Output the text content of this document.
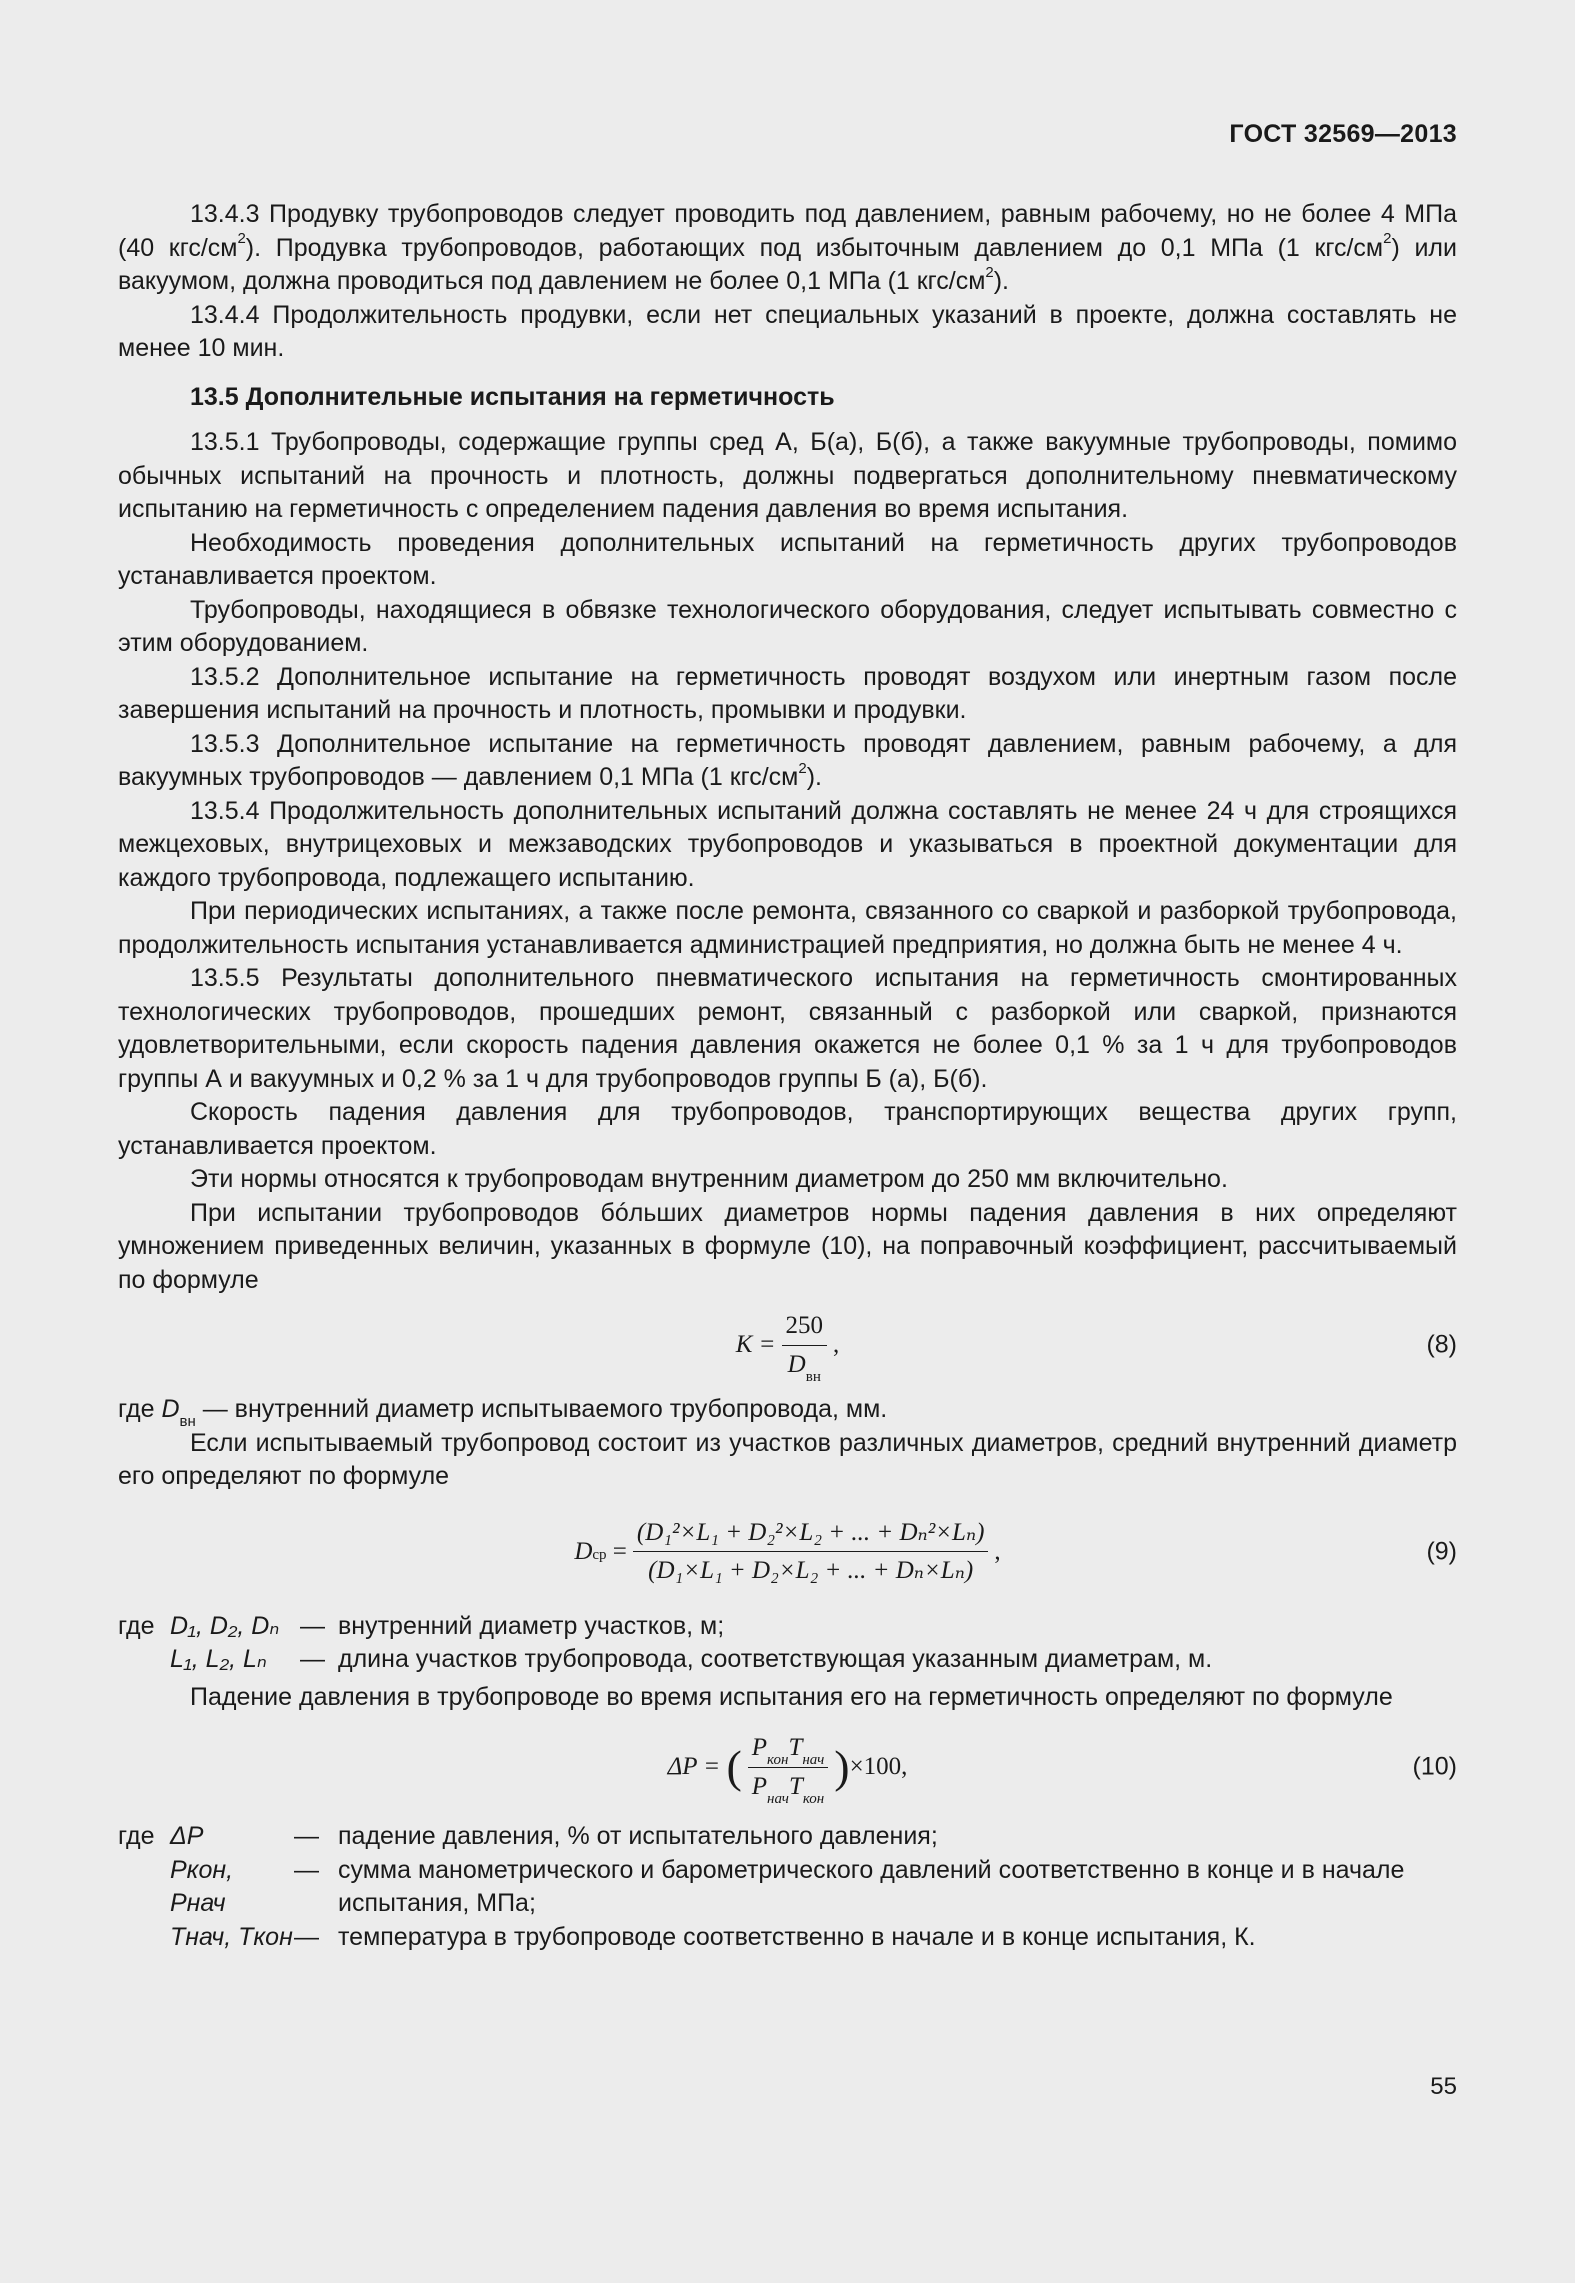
ГОСТ 32569—2013

13.4.3 Продувку трубопроводов следует проводить под давлением, равным рабочему, но не более 4 МПа (40 кгс/$см^2$). Продувка трубопроводов, работающих под избыточным давлением до 0,1 МПа (1 кгс/$см^2$) или вакуумом, должна проводиться под давлением не более 0,1 МПа (1 кгс/$см^2$).

13.4.4 Продолжительность продувки, если нет специальных указаний в проекте, должна составлять не менее 10 мин.

13.5 Дополнительные испытания на герметичность

13.5.1 Трубопроводы, содержащие группы сред А, Б(а), Б(б), а также вакуумные трубопроводы, помимо обычных испытаний на прочность и плотность, должны подвергаться дополнительному пневматическому испытанию на герметичность с определением падения давления во время испытания.

Необходимость проведения дополнительных испытаний на герметичность других трубопроводов устанавливается проектом.

Трубопроводы, находящиеся в обвязке технологического оборудования, следует испытывать совместно с этим оборудованием.

13.5.2 Дополнительное испытание на герметичность проводят воздухом или инертным газом после завершения испытаний на прочность и плотность, промывки и продувки.

13.5.3 Дополнительное испытание на герметичность проводят давлением, равным рабочему, а для вакуумных трубопроводов — давлением 0,1 МПа (1 кгс/$см^2$).

13.5.4 Продолжительность дополнительных испытаний должна составлять не менее 24 ч для строящихся межцеховых, внутрицеховых и межзаводских трубопроводов и указываться в проектной документации для каждого трубопровода, подлежащего испытанию.

При периодических испытаниях, а также после ремонта, связанного со сваркой и разборкой трубопровода, продолжительность испытания устанавливается администрацией предприятия, но должна быть не менее 4 ч.

13.5.5 Результаты дополнительного пневматического испытания на герметичность смонтированных технологических трубопроводов, прошедших ремонт, связанный с разборкой или сваркой, признаются удовлетворительными, если скорость падения давления окажется не более 0,1 % за 1 ч для трубопроводов группы А и вакуумных и 0,2 % за 1 ч для трубопроводов группы Б (а), Б(б).

Скорость падения давления для трубопроводов, транспортирующих вещества других групп, устанавливается проектом.

Эти нормы относятся к трубопроводам внутренним диаметром до 250 мм включительно.

При испытании трубопроводов бóльших диаметров нормы падения давления в них определяют умножением приведенных величин, указанных в формуле (10), на поправочный коэффициент, рассчитываемый по формуле

$K = \frac{250}{D_{вн}}$ ,	(8)

где $D_{вн}$ — внутренний диаметр испытываемого трубопровода, мм.

Если испытываемый трубопровод состоит из участков различных диаметров, средний внутренний диаметр его определяют по формуле

$D_{ср} = \frac{\text{(D₁²×L₁ + D₂²×L₂ + ... + Dₙ²×Lₙ)}}{\text{(D₁×L₁ + D₂×L₂ + ... + Dₙ×Lₙ)}}$ ,	(9)
где D₁, D₂, Dₙ — внутренний диаметр участков, м;
L₁, L₂, Lₙ	— длина участков трубопровода, соответствующая указанным диаметрам, м.

Падение давления в трубопроводе во время испытания его на герметичность определяют по формуле

ΔP =
( $\frac{P_{кон}T_{нач}}{P_{нач}T_{кон}}$ ) ×100,	(10)
где ΔP	— падение давления, % от испытательного давления;
Pкон, Pнач
— сумма манометрического и барометрического давлений соответственно в конце и в начале испытания, МПа;
Tнач, Tкон — температура в трубопроводе соответственно в начале и в конце испытания, К.
55
